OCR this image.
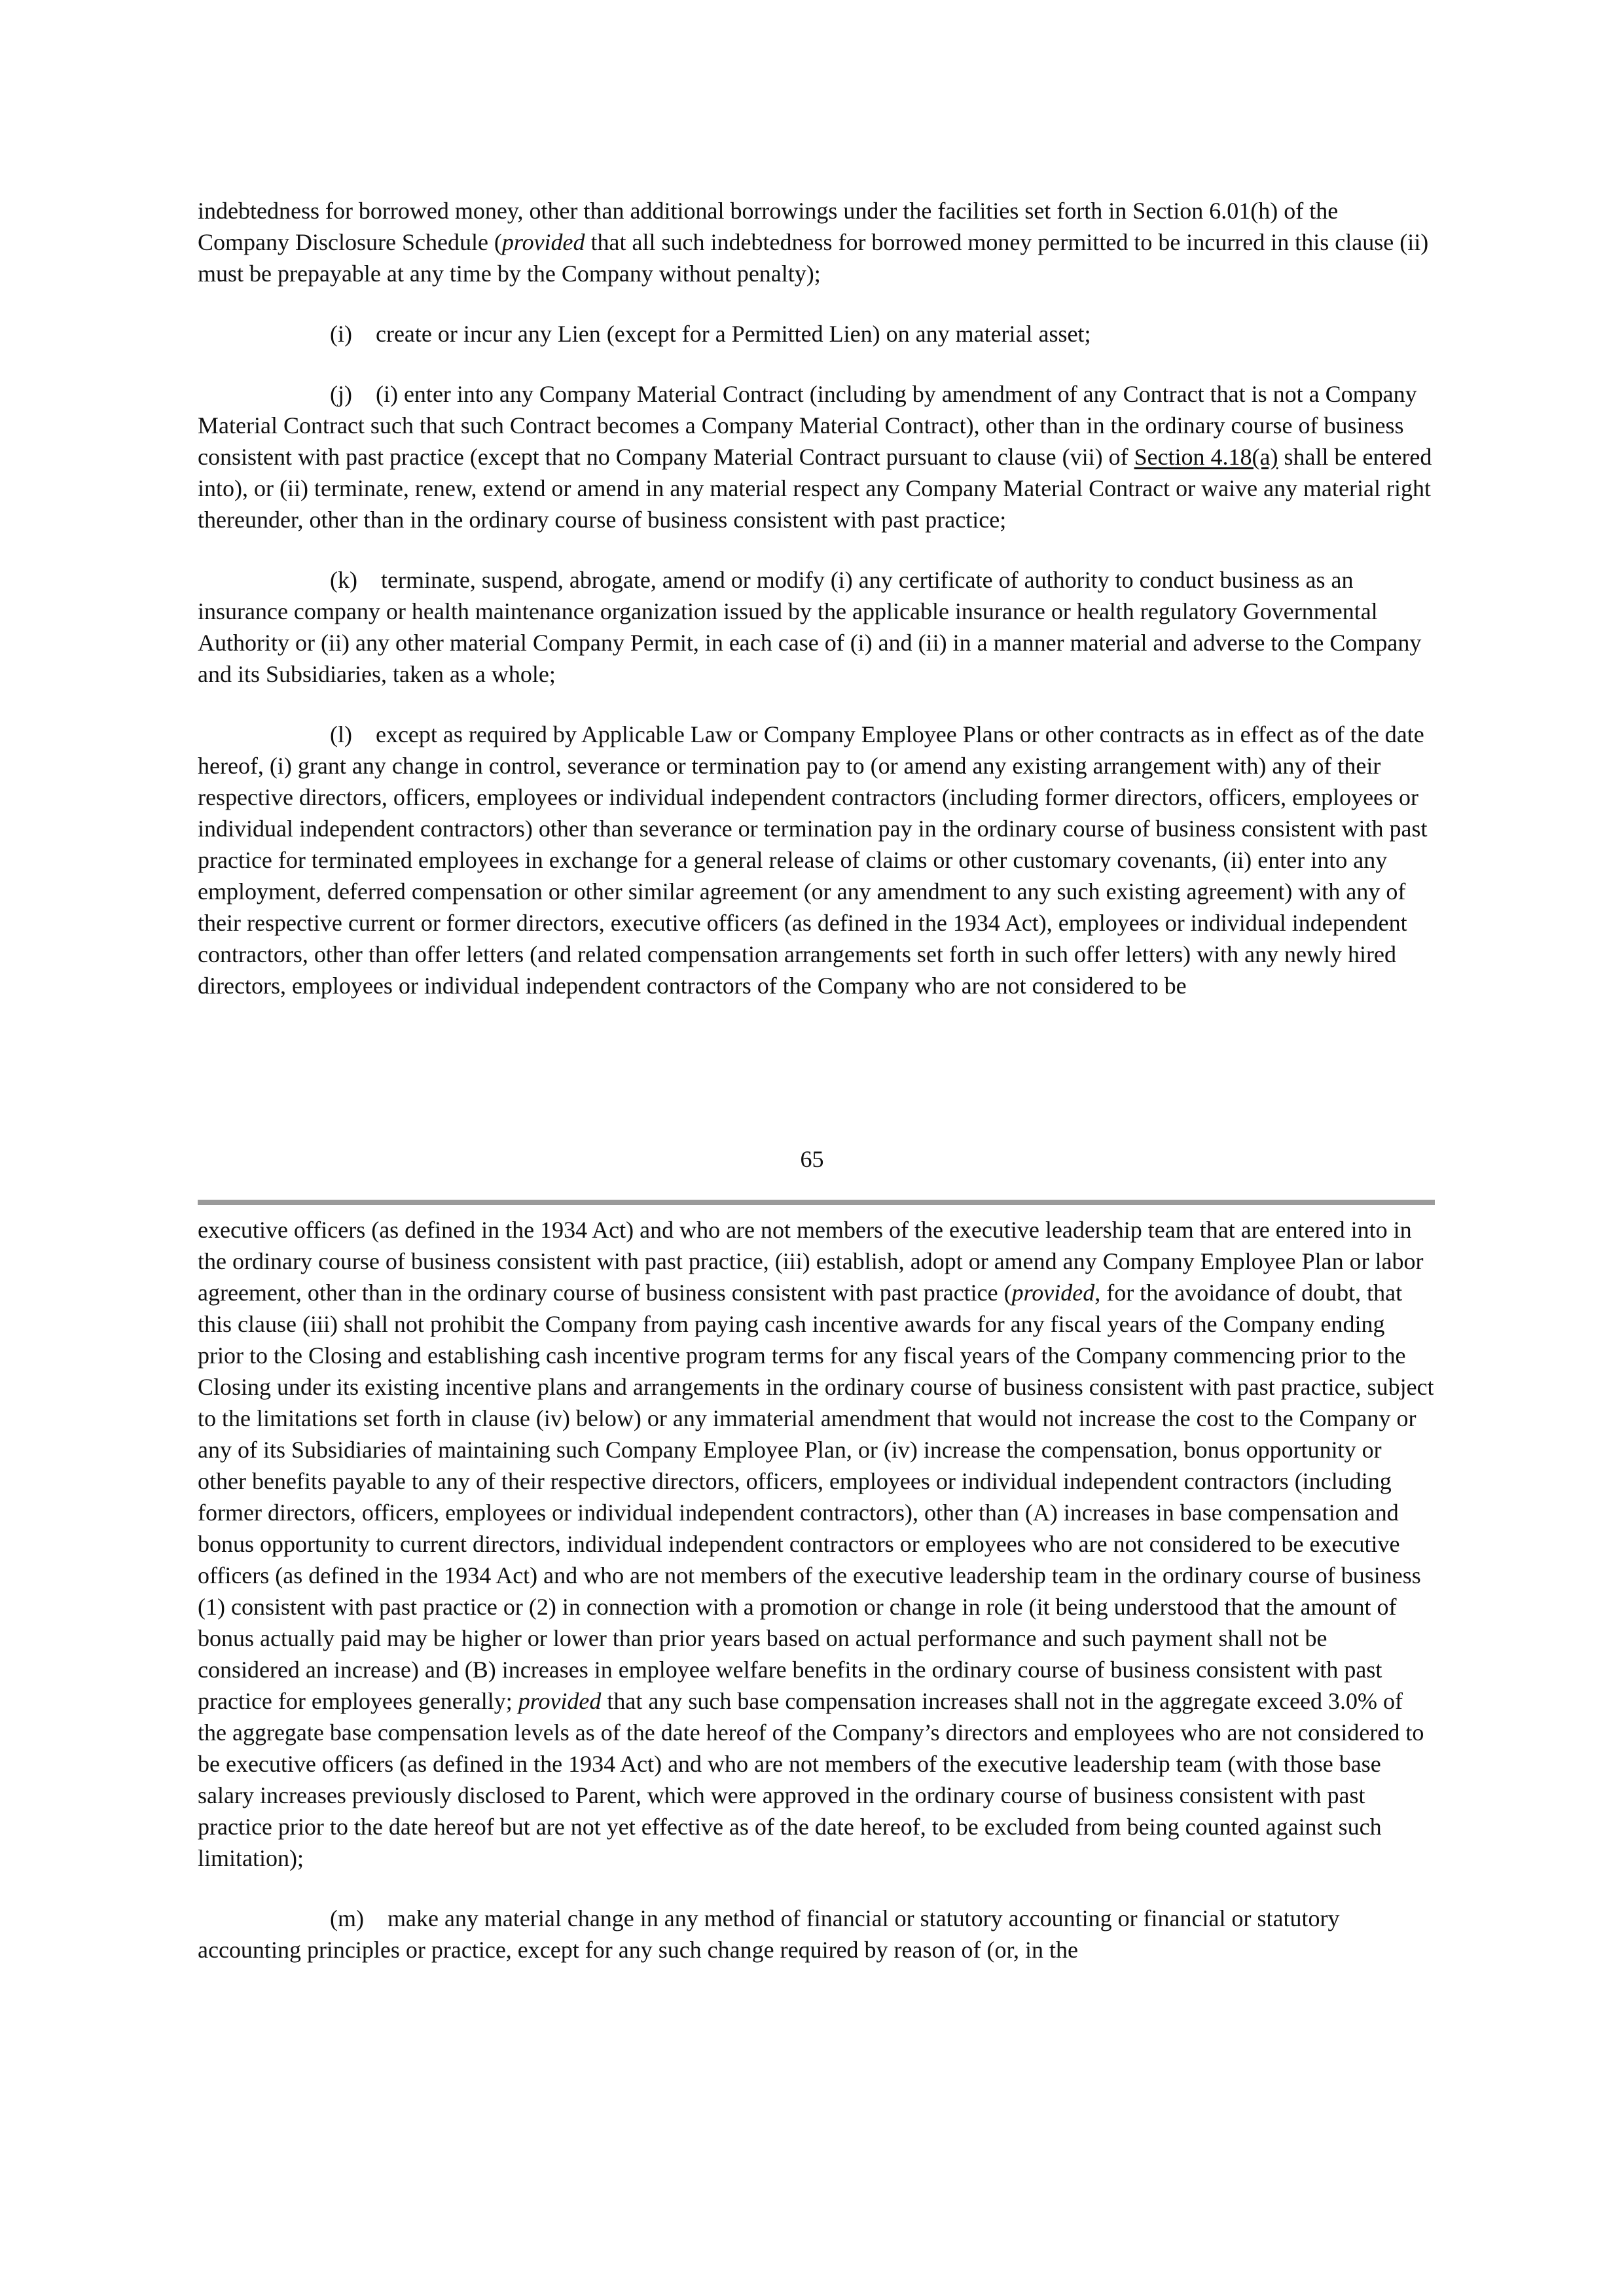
indebtedness for borrowed money, other than additional borrowings under the facilities set forth in Section 6.01(h) of the Company Disclosure Schedule (provided that all such indebtedness for borrowed money permitted to be incurred in this clause (ii) must be prepayable at any time by the Company without penalty);

(i)    create or incur any Lien (except for a Permitted Lien) on any material asset;

(j)    (i) enter into any Company Material Contract (including by amendment of any Contract that is not a Company Material Contract such that such Contract becomes a Company Material Contract), other than in the ordinary course of business consistent with past practice (except that no Company Material Contract pursuant to clause (vii) of Section 4.18(a) shall be entered into), or (ii) terminate, renew, extend or amend in any material respect any Company Material Contract or waive any material right thereunder, other than in the ordinary course of business consistent with past practice;

(k)    terminate, suspend, abrogate, amend or modify (i) any certificate of authority to conduct business as an insurance company or health maintenance organization issued by the applicable insurance or health regulatory Governmental Authority or (ii) any other material Company Permit, in each case of (i) and (ii) in a manner material and adverse to the Company and its Subsidiaries, taken as a whole;

(l)    except as required by Applicable Law or Company Employee Plans or other contracts as in effect as of the date hereof, (i) grant any change in control, severance or termination pay to (or amend any existing arrangement with) any of their respective directors, officers, employees or individual independent contractors (including former directors, officers, employees or individual independent contractors) other than severance or termination pay in the ordinary course of business consistent with past practice for terminated employees in exchange for a general release of claims or other customary covenants, (ii) enter into any employment, deferred compensation or other similar agreement (or any amendment to any such existing agreement) with any of their respective current or former directors, executive officers (as defined in the 1934 Act), employees or individual independent contractors, other than offer letters (and related compensation arrangements set forth in such offer letters) with any newly hired directors, employees or individual independent contractors of the Company who are not considered to be

65

executive officers (as defined in the 1934 Act) and who are not members of the executive leadership team that are entered into in the ordinary course of business consistent with past practice, (iii) establish, adopt or amend any Company Employee Plan or labor agreement, other than in the ordinary course of business consistent with past practice (provided, for the avoidance of doubt, that this clause (iii) shall not prohibit the Company from paying cash incentive awards for any fiscal years of the Company ending prior to the Closing and establishing cash incentive program terms for any fiscal years of the Company commencing prior to the Closing under its existing incentive plans and arrangements in the ordinary course of business consistent with past practice, subject to the limitations set forth in clause (iv) below) or any immaterial amendment that would not increase the cost to the Company or any of its Subsidiaries of maintaining such Company Employee Plan, or (iv) increase the compensation, bonus opportunity or other benefits payable to any of their respective directors, officers, employees or individual independent contractors (including former directors, officers, employees or individual independent contractors), other than (A) increases in base compensation and bonus opportunity to current directors, individual independent contractors or employees who are not considered to be executive officers (as defined in the 1934 Act) and who are not members of the executive leadership team in the ordinary course of business (1) consistent with past practice or (2) in connection with a promotion or change in role (it being understood that the amount of bonus actually paid may be higher or lower than prior years based on actual performance and such payment shall not be considered an increase) and (B) increases in employee welfare benefits in the ordinary course of business consistent with past practice for employees generally; provided that any such base compensation increases shall not in the aggregate exceed 3.0% of the aggregate base compensation levels as of the date hereof of the Company’s directors and employees who are not considered to be executive officers (as defined in the 1934 Act) and who are not members of the executive leadership team (with those base salary increases previously disclosed to Parent, which were approved in the ordinary course of business consistent with past practice prior to the date hereof but are not yet effective as of the date hereof, to be excluded from being counted against such limitation);

(m)    make any material change in any method of financial or statutory accounting or financial or statutory accounting principles or practice, except for any such change required by reason of (or, in the
